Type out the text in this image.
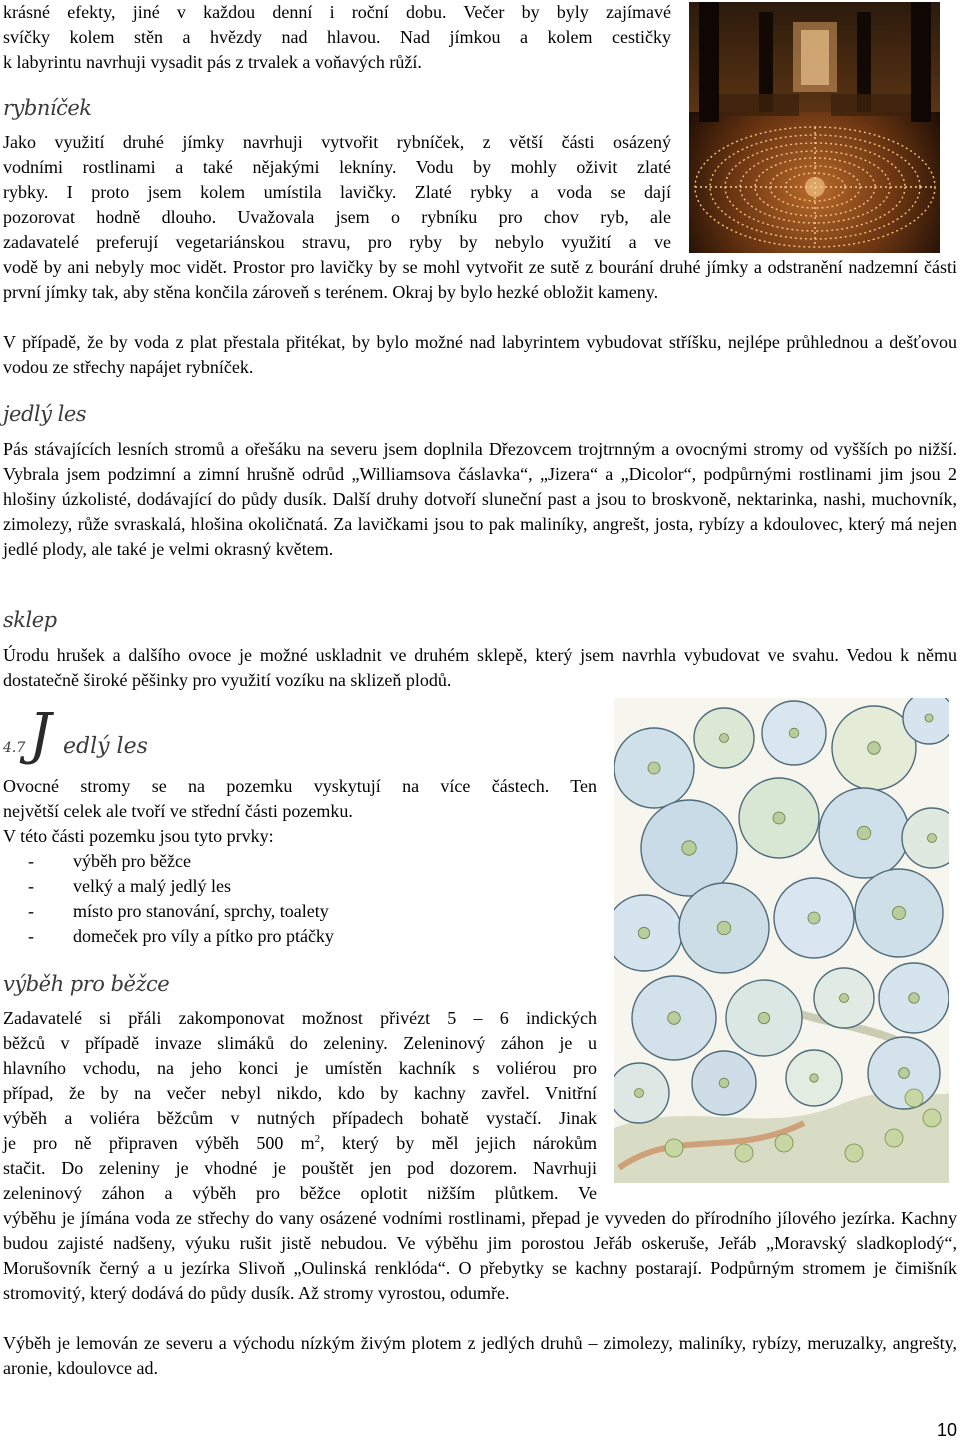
krásné efekty, jiné v každou denní i roční dobu. Večer by byly zajímavé

svíčky kolem stěn a hvězdy nad hlavou. Nad jímkou a kolem cestičky

k labyrintu navrhuji vysadit pás z trvalek a voňavých růží.

rybníček

Jako využití druhé jímky navrhuji vytvořit rybníček, z větší části osázený

vodními rostlinami a také nějakými lekníny. Vodu by mohly oživit zlaté

rybky. I proto jsem kolem umístila lavičky. Zlaté rybky a voda se dají

pozorovat hodně dlouho. Uvažovala jsem o rybníku pro chov ryb, ale

zadavatelé preferují vegetariánskou stravu, pro ryby by nebylo využití a ve

vodě by ani nebyly moc vidět. Prostor pro lavičky by se mohl vytvořit ze sutě z bourání druhé jímky a odstranění nadzemní části první jímky tak, aby stěna končila zároveň s terénem. Okraj by bylo hezké obložit kameny.

V případě, že by voda z plat přestala přitékat, by bylo možné nad labyrintem vybudovat stříšku, nejlépe průhlednou a dešťovou vodou ze střechy napájet rybníček.

jedlý les

Pás stávajících lesních stromů a ořešáku na severu jsem doplnila Dřezovcem trojtrnným a ovocnými stromy od vyšších po nižší. Vybrala jsem podzimní a zimní hrušně odrůd „Williamsova čáslavka“, „Jizera“ a „Dicolor“, podpůrnými rostlinami jim jsou 2 hlošiny úzkolisté, dodávající do půdy dusík. Další druhy dotvoří sluneční past a jsou to broskvoně, nektarinka, nashi, muchovník, zimolezy, růže svraskalá, hlošina okoličnatá. Za lavičkami jsou to pak maliníky, angrešt, josta, rybízy a kdoulovec, který má nejen jedlé plody, ale také je velmi okrasný květem.

sklep

Úrodu hrušek a dalšího ovoce je možné uskladnit ve druhém sklepě, který jsem navrhla vybudovat ve svahu. Vedou k němu dostatečně široké pěšinky pro využití vozíku na sklizeň plodů.

4.7 J edlý les

Ovocné stromy se na pozemku vyskytují na více částech. Ten

největší celek ale tvoří ve střední části pozemku.

V této části pozemku jsou tyto prvky:

- výběh pro běžce
- velký a malý jedlý les
- místo pro stanování, sprchy, toalety
- domeček pro víly a pítko pro ptáčky
výběh pro běžce

Zadavatelé si přáli zakomponovat možnost přivézt 5 – 6 indických

běžců v případě invaze slimáků do zeleniny. Zeleninový záhon je u

hlavního vchodu, na jeho konci je umístěn kachník s voliérou pro

případ, že by na večer nebyl nikdo, kdo by kachny zavřel. Vnitřní

výběh a voliéra běžcům v nutných případech bohatě vystačí. Jinak

je pro ně připraven výběh 500 $m^2$, který by měl jejich nárokům

stačit. Do zeleniny je vhodné je pouštět jen pod dozorem. Navrhuji

zeleninový záhon a výběh pro běžce oplotit nižším plůtkem. Ve

výběhu je jímána voda ze střechy do vany osázené vodními rostlinami, přepad je vyveden do přírodního jílového jezírka. Kachny budou zajisté nadšeny, výuku rušit jistě nebudou. Ve výběhu jim porostou Jeřáb oskeruše, Jeřáb „Moravský sladkoplodý“, Morušovník černý a u jezírka Slivoň „Oulinská renklóda“. O přebytky se kachny postarají. Podpůrným stromem je čimišník stromovitý, který dodává do půdy dusík. Až stromy vyrostou, odumře.

Výběh je lemován ze severu a východu nízkým živým plotem z jedlých druhů – zimolezy, maliníky, rybízy, meruzalky, angrešty, aronie, kdoulovce ad.

10
